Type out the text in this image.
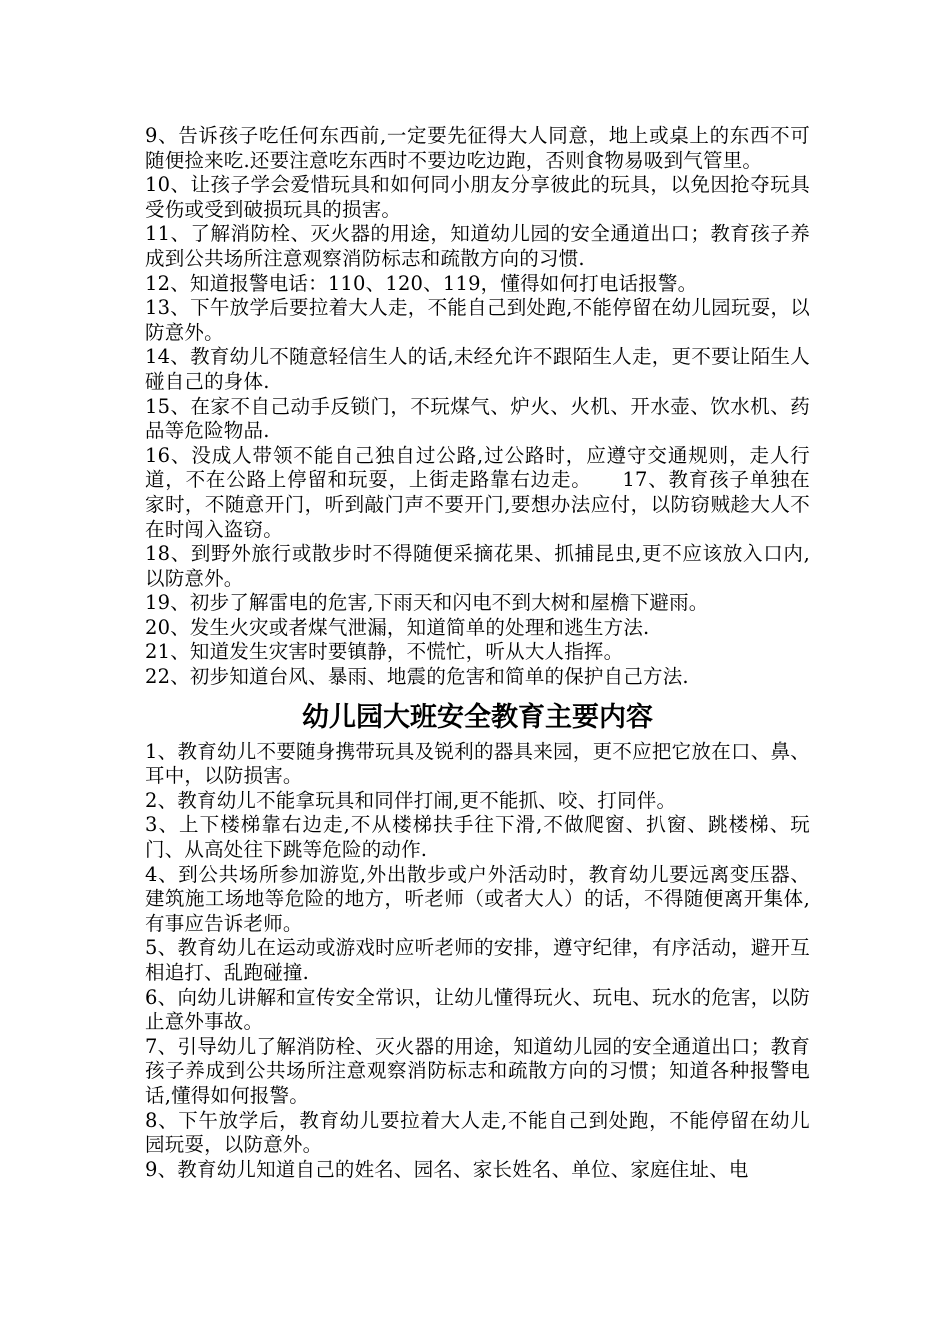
9、告诉孩子吃任何东西前,一定要先征得大人同意，地上或桌上的东西不可随便捡来吃.还要注意吃东西时不要边吃边跑，否则食物易吸到气管里。

10、让孩子学会爱惜玩具和如何同小朋友分享彼此的玩具，以免因抢夺玩具受伤或受到破损玩具的损害。

11、了解消防栓、灭火器的用途，知道幼儿园的安全通道出口；教育孩子养成到公共场所注意观察消防标志和疏散方向的习惯.

12、知道报警电话：110、120、119，懂得如何打电话报警。

13、下午放学后要拉着大人走，不能自己到处跑,不能停留在幼儿园玩耍，以防意外。

14、教育幼儿不随意轻信生人的话,未经允许不跟陌生人走，更不要让陌生人碰自己的身体.

15、在家不自己动手反锁门，不玩煤气、炉火、火机、开水壶、饮水机、药品等危险物品.

16、没成人带领不能自己独自过公路,过公路时，应遵守交通规则，走人行道，不在公路上停留和玩耍，上街走路靠右边走。　　17、教育孩子单独在家时，不随意开门，听到敲门声不要开门,要想办法应付，以防窃贼趁大人不在时闯入盗窃。

18、到野外旅行或散步时不得随便采摘花果、抓捕昆虫,更不应该放入口内,以防意外。

19、初步了解雷电的危害,下雨天和闪电不到大树和屋檐下避雨。

20、发生火灾或者煤气泄漏，知道简单的处理和逃生方法.

21、知道发生灾害时要镇静，不慌忙，听从大人指挥。

22、初步知道台风、暴雨、地震的危害和简单的保护自己方法.

幼儿园大班安全教育主要内容

1、教育幼儿不要随身携带玩具及锐利的器具来园，更不应把它放在口、鼻、耳中，以防损害。

2、教育幼儿不能拿玩具和同伴打闹,更不能抓、咬、打同伴。

3、上下楼梯靠右边走,不从楼梯扶手往下滑,不做爬窗、扒窗、跳楼梯、玩门、从高处往下跳等危险的动作.

4、到公共场所参加游览,外出散步或户外活动时，教育幼儿要远离变压器、建筑施工场地等危险的地方，听老师（或者大人）的话，不得随便离开集体,有事应告诉老师。

5、教育幼儿在运动或游戏时应听老师的安排，遵守纪律，有序活动，避开互相追打、乱跑碰撞.

6、向幼儿讲解和宣传安全常识，让幼儿懂得玩火、玩电、玩水的危害，以防止意外事故。

7、引导幼儿了解消防栓、灭火器的用途，知道幼儿园的安全通道出口；教育孩子养成到公共场所注意观察消防标志和疏散方向的习惯；知道各种报警电话,懂得如何报警。

8、下午放学后，教育幼儿要拉着大人走,不能自己到处跑，不能停留在幼儿园玩耍，以防意外。

9、教育幼儿知道自己的姓名、园名、家长姓名、单位、家庭住址、电
